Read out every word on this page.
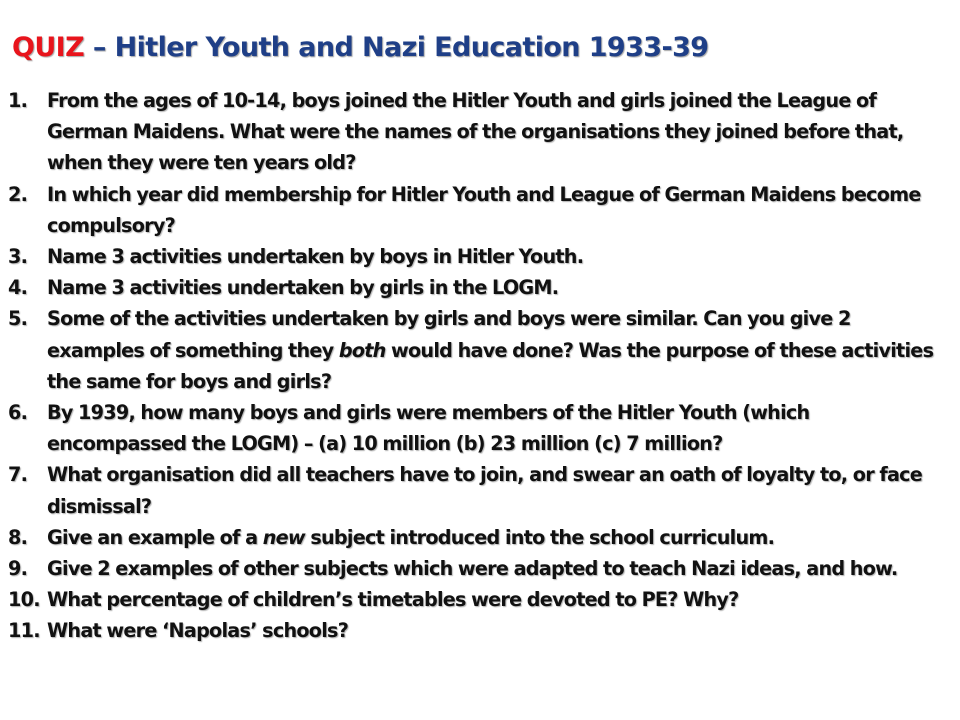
QUIZ – Hitler Youth and Nazi Education 1933-39
1. From the ages of 10-14, boys joined the Hitler Youth and girls joined the League of German Maidens. What were the names of the organisations they joined before that, when they were ten years old?
2. In which year did membership for Hitler Youth and League of German Maidens become compulsory?
3. Name 3 activities undertaken by boys in Hitler Youth.
4. Name 3 activities undertaken by girls in the LOGM.
5. Some of the activities undertaken by girls and boys were similar. Can you give 2 examples of something they both would have done? Was the purpose of these activities the same for boys and girls?
6. By 1939, how many boys and girls were members of the Hitler Youth (which encompassed the LOGM) – (a) 10 million (b) 23 million (c) 7 million?
7. What organisation did all teachers have to join, and swear an oath of loyalty to, or face dismissal?
8. Give an example of a new subject introduced into the school curriculum.
9. Give 2 examples of other subjects which were adapted to teach Nazi ideas, and how.
10. What percentage of children’s timetables were devoted to PE? Why?
11. What were ‘Napolas’ schools?
